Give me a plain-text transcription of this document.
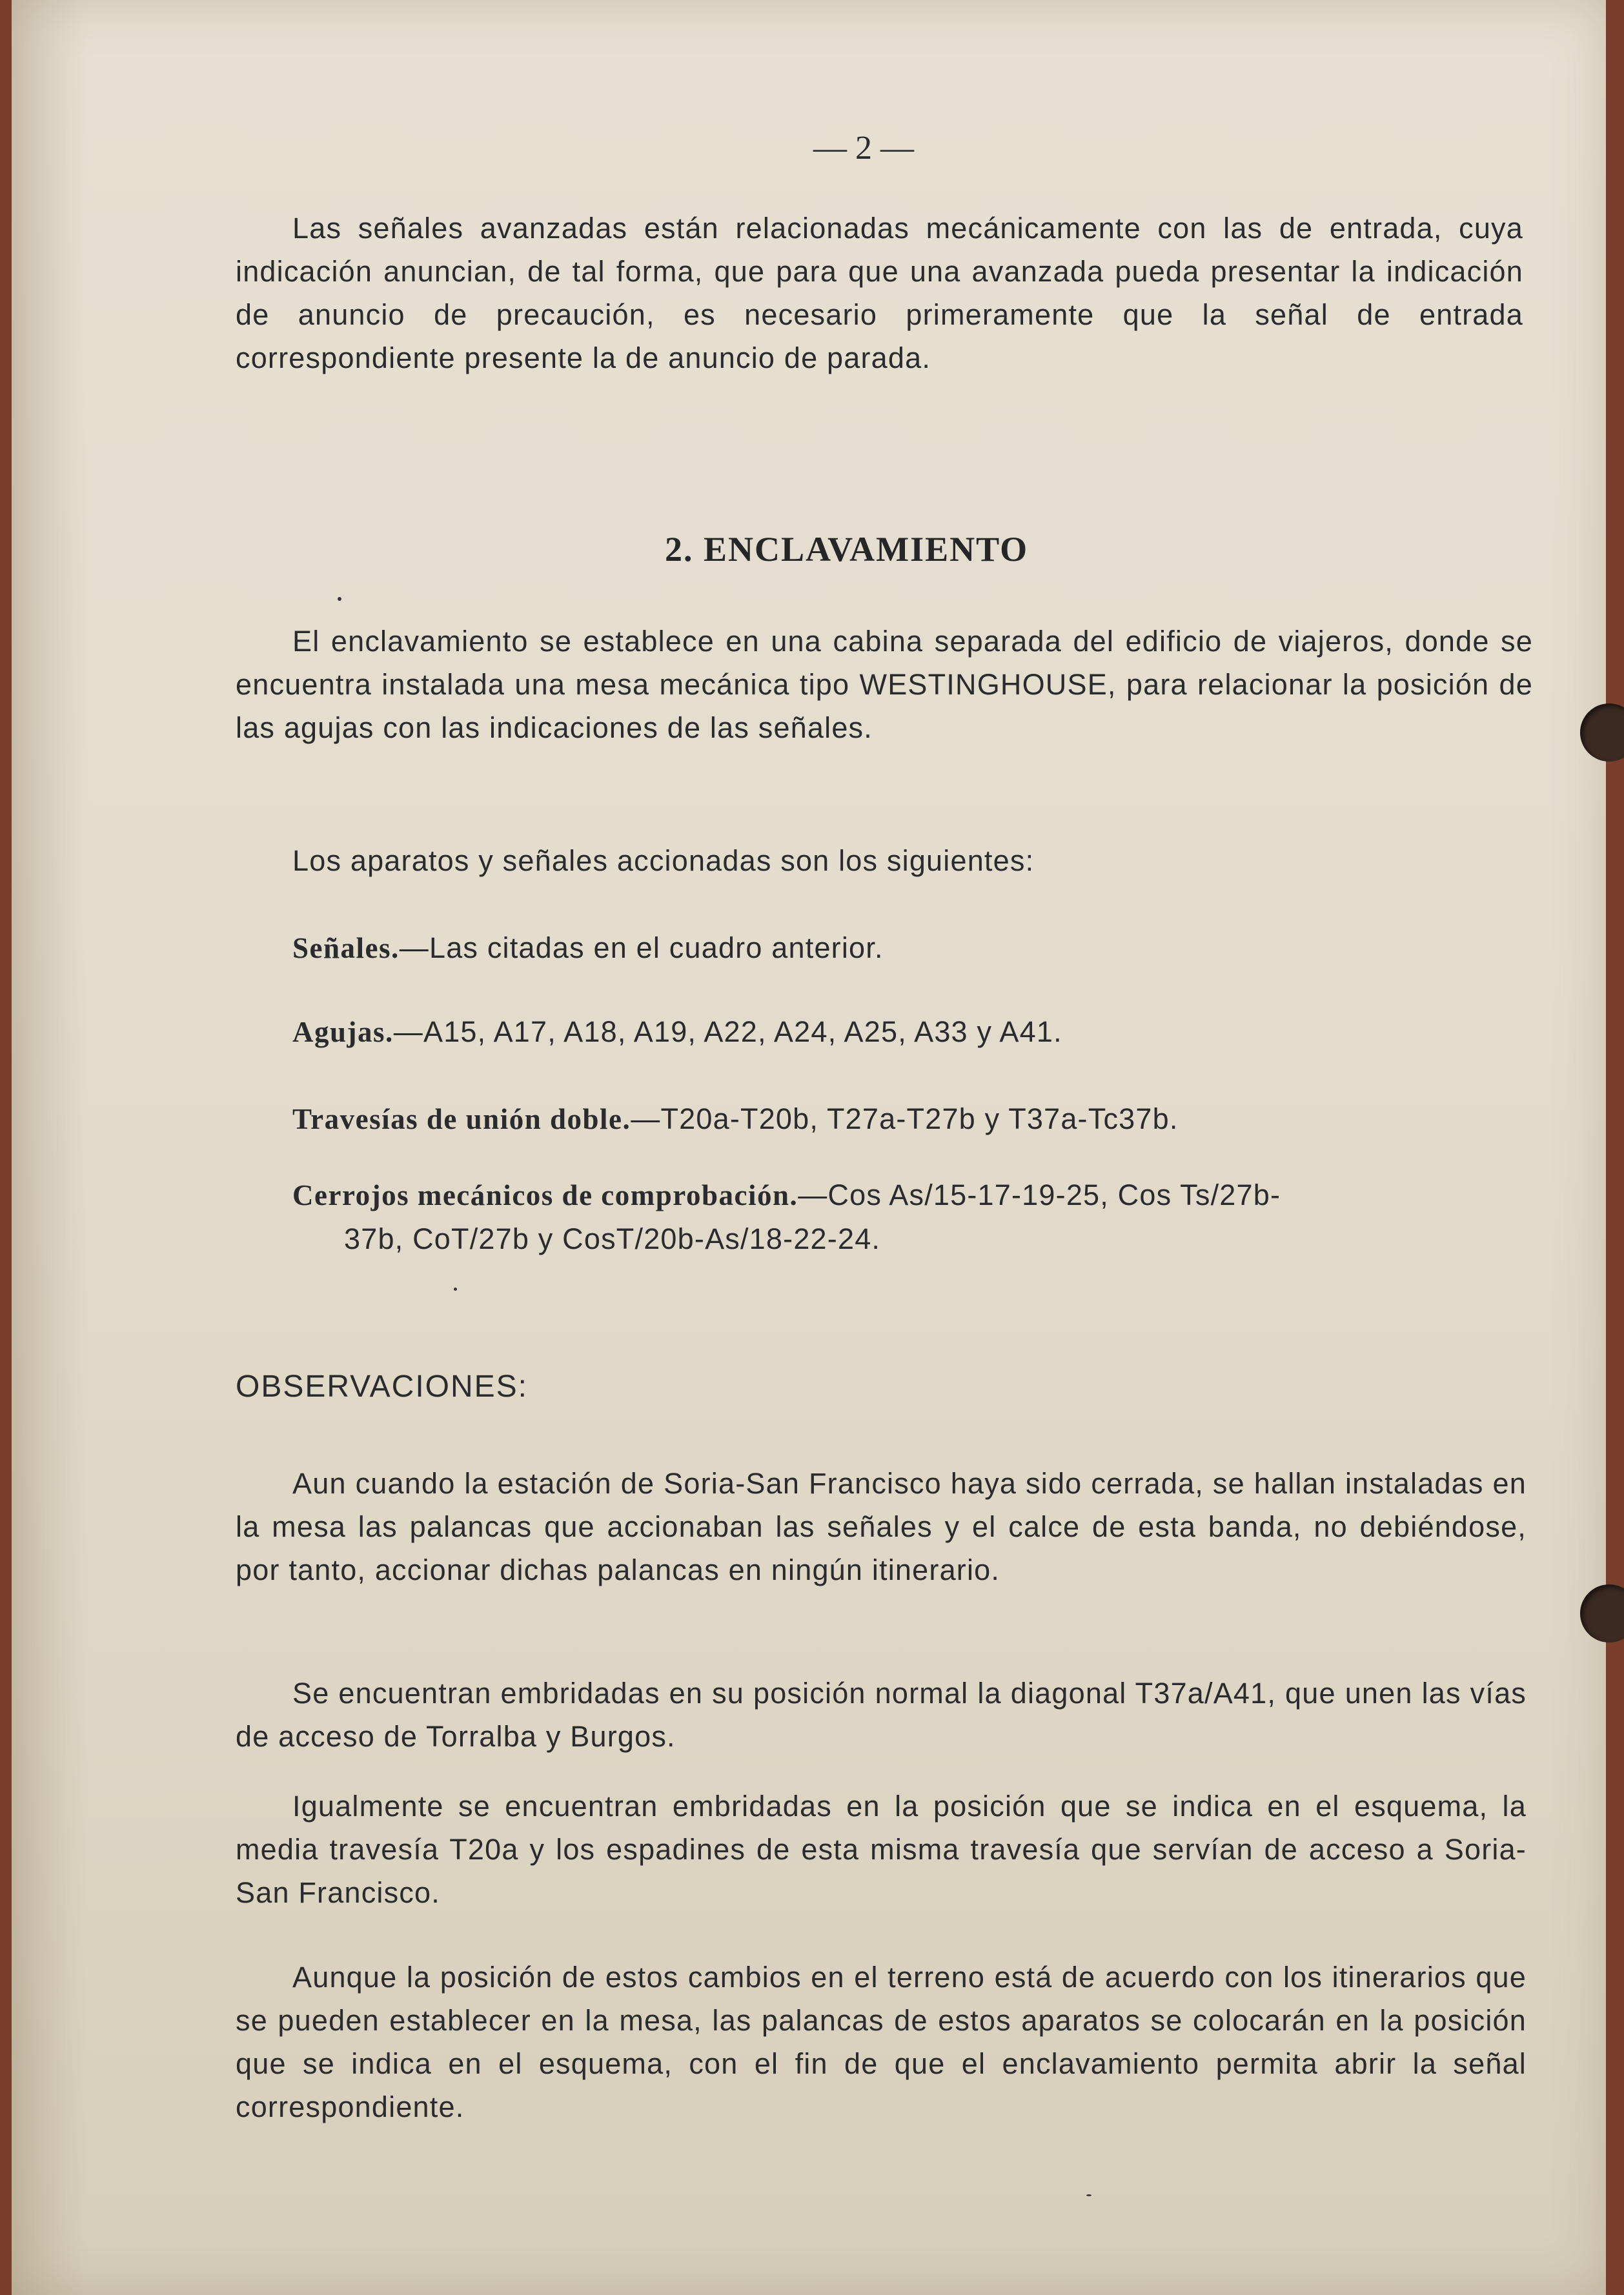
— 2 —
Las señales avanzadas están relacionadas mecánicamente con las de entrada, cuya indicación anuncian, de tal forma, que para que una avanzada pueda presentar la indicación de anuncio de precaución, es necesario primeramente que la señal de entrada correspondiente presente la de anuncio de parada.
2. ENCLAVAMIENTO
El enclavamiento se establece en una cabina separada del edificio de viajeros, donde se encuentra instalada una mesa mecánica tipo WESTINGHOUSE, para relacionar la posición de las agujas con las indicaciones de las señales.
Los aparatos y señales accionadas son los siguientes:
Señales.—Las citadas en el cuadro anterior.
Agujas.—A15, A17, A18, A19, A22, A24, A25, A33 y A41.
Travesías de unión doble.—T20a-T20b, T27a-T27b y T37a-Tc37b.
Cerrojos mecánicos de comprobación.—Cos As/15-17-19-25, Cos Ts/27b-
37b, CoT/27b y CosT/20b-As/18-22-24.
OBSERVACIONES:
Aun cuando la estación de Soria-San Francisco haya sido cerrada, se hallan instaladas en la mesa las palancas que accionaban las señales y el calce de esta banda, no debiéndose, por tanto, accionar dichas palancas en ningún itinerario.
Se encuentran embridadas en su posición normal la diagonal T37a/A41, que unen las vías de acceso de Torralba y Burgos.
Igualmente se encuentran embridadas en la posición que se indica en el esquema, la media travesía T20a y los espadines de esta misma travesía que servían de acceso a Soria-San Francisco.
Aunque la posición de estos cambios en el terreno está de acuerdo con los itinerarios que se pueden establecer en la mesa, las palancas de estos aparatos se colocarán en la posición que se indica en el esquema, con el fin de que el enclavamiento permita abrir la señal correspondiente.
